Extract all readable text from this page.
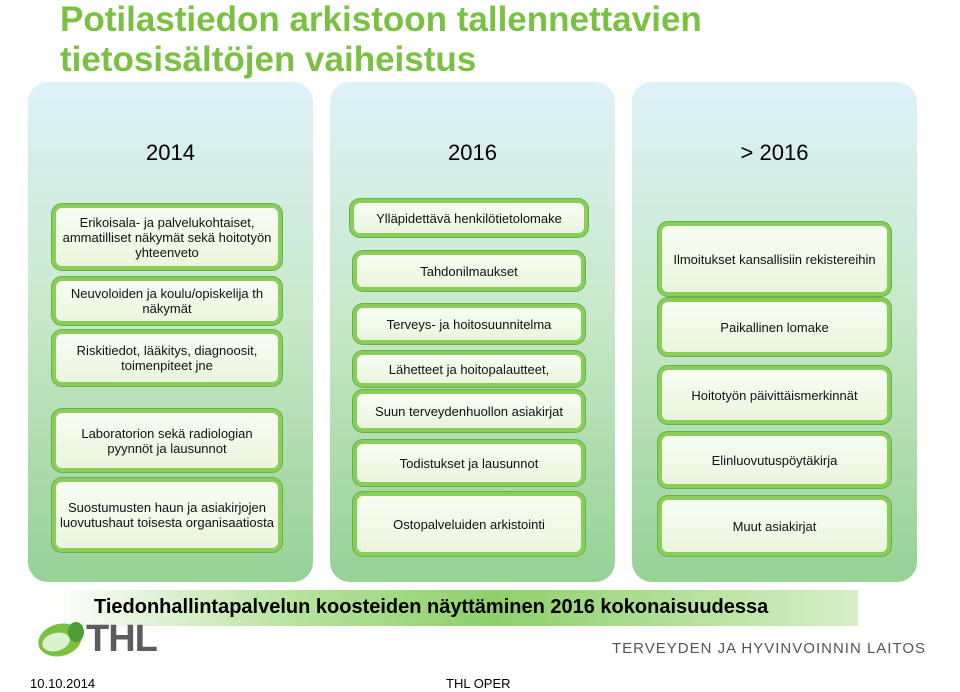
Potilastiedon arkistoon tallennettavien tietosisältöjen vaiheistus
2014
Erikoisala- ja palvelukohtaiset, ammatilliset näkymät sekä hoitotyön yhteenveto
Neuvoloiden ja koulu/opiskelija th näkymät
Riskitiedot, lääkitys, diagnoosit, toimenpiteet jne
Laboratorion sekä radiologian pyynnöt ja lausunnot
Suostumusten haun ja asiakirjojen luovutushaut toisesta organisaatiosta
2016
Ylläpidettävä henkilötietolomake
Tahdonilmaukset
Terveys- ja hoitosuunnitelma
Lähetteet ja hoitopalautteet,
Suun terveydenhuollon asiakirjat
Todistukset ja lausunnot
Ostopalveluiden arkistointi
> 2016
Ilmoitukset kansallisiin rekistereihin
Paikallinen lomake
Hoitotyön päivittäismerkinnät
Elinluovutuspöytäkirja
Muut asiakirjat
Tiedonhallintapalvelun koosteiden näyttäminen 2016 kokonaisuudessa
THL	TERVEYDEN JA HYVINVOINNIN LAITOS
10.10.2014	THL OPER
